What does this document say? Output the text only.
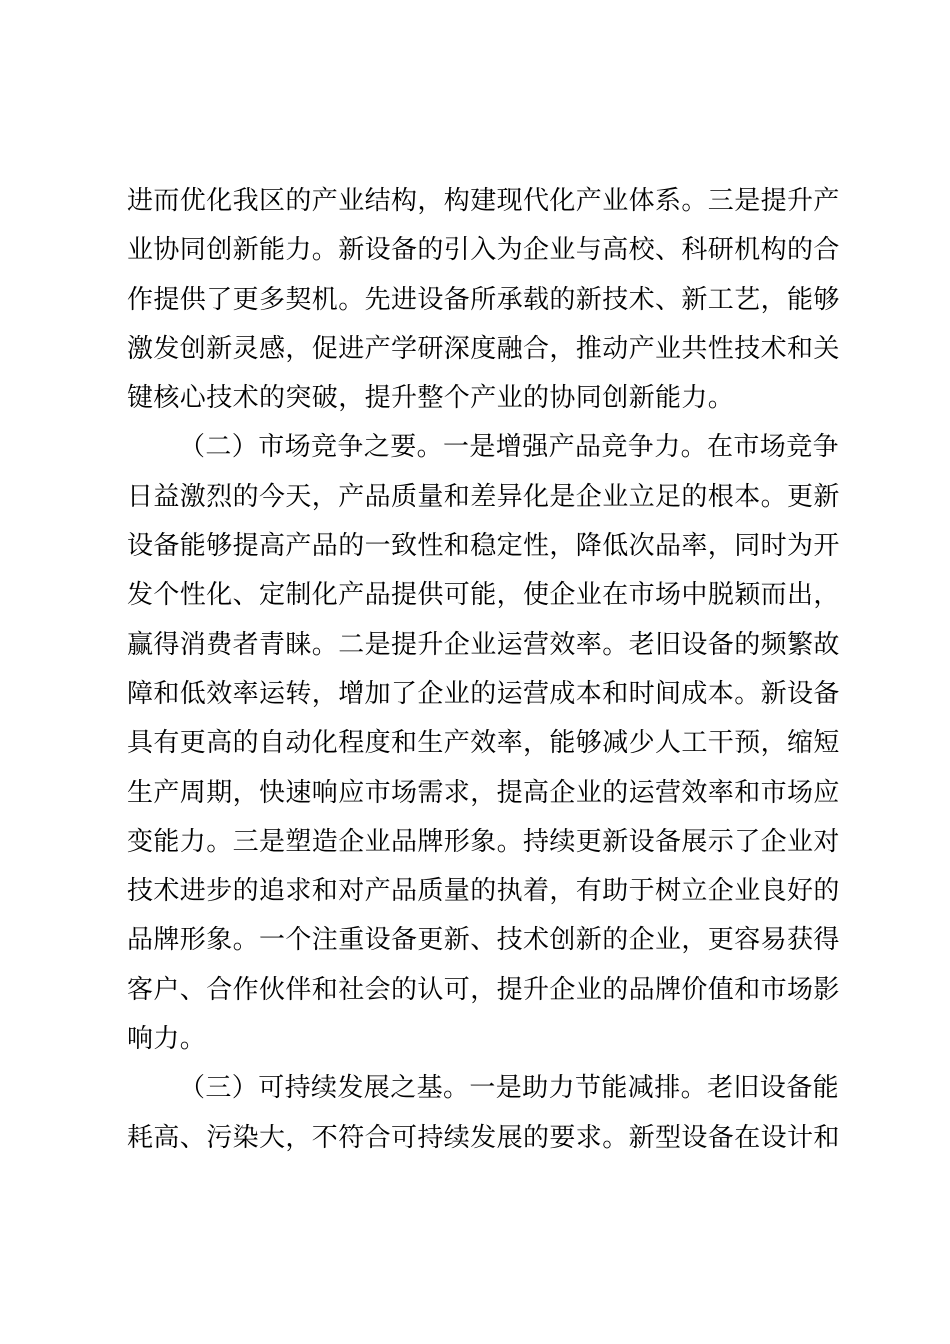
进而优化我区的产业结构，构建现代化产业体系。三是提升产
业协同创新能力。新设备的引入为企业与高校、科研机构的合
作提供了更多契机。先进设备所承载的新技术、新工艺，能够
激发创新灵感，促进产学研深度融合，推动产业共性技术和关
键核心技术的突破，提升整个产业的协同创新能力。
（二）市场竞争之要。一是增强产品竞争力。在市场竞争
日益激烈的今天，产品质量和差异化是企业立足的根本。更新
设备能够提高产品的一致性和稳定性，降低次品率，同时为开
发个性化、定制化产品提供可能，使企业在市场中脱颖而出，
赢得消费者青睐。二是提升企业运营效率。老旧设备的频繁故
障和低效率运转，增加了企业的运营成本和时间成本。新设备
具有更高的自动化程度和生产效率，能够减少人工干预，缩短
生产周期，快速响应市场需求，提高企业的运营效率和市场应
变能力。三是塑造企业品牌形象。持续更新设备展示了企业对
技术进步的追求和对产品质量的执着，有助于树立企业良好的
品牌形象。一个注重设备更新、技术创新的企业，更容易获得
客户、合作伙伴和社会的认可，提升企业的品牌价值和市场影
响力。
（三）可持续发展之基。一是助力节能减排。老旧设备能
耗高、污染大，不符合可持续发展的要求。新型设备在设计和
